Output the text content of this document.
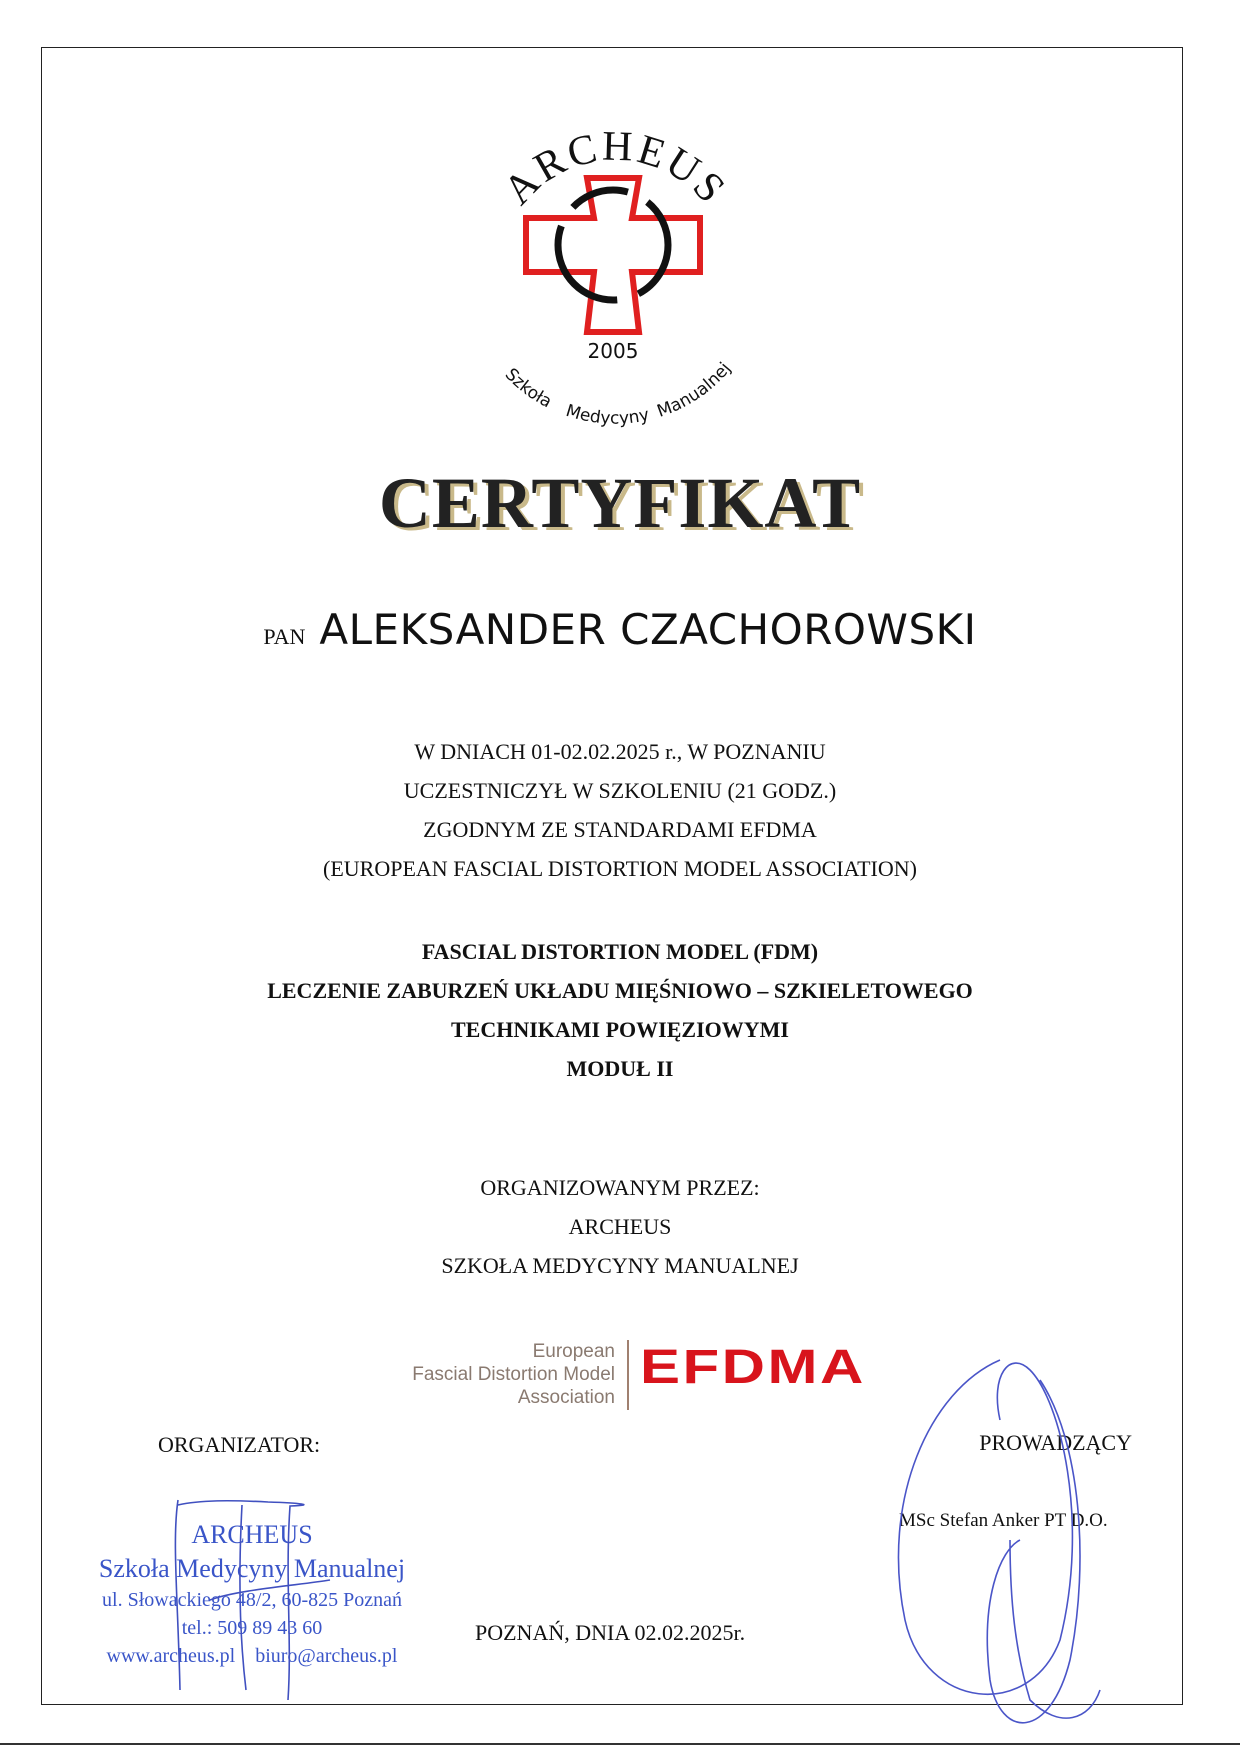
ARCHEUS
2005
Szkoła Medycyny Manualnej
CERTYFIKAT
PAN ALEKSANDER CZACHOROWSKI
W DNIACH 01-02.02.2025 r., W POZNANIU
UCZESTNICZYŁ W SZKOLENIU (21 GODZ.)
ZGODNYM ZE STANDARDAMI EFDMA
(EUROPEAN FASCIAL DISTORTION MODEL ASSOCIATION)
FASCIAL DISTORTION MODEL (FDM)
LECZENIE ZABURZEŃ UKŁADU MIĘŚNIOWO – SZKIELETOWEGO
TECHNIKAMI POWIĘZIOWYMI
MODUŁ II
ORGANIZOWANYM PRZEZ:
ARCHEUS
SZKOŁA MEDYCYNY MANUALNEJ
European
Fascial Distortion Model
Association
EFDMA
ORGANIZATOR:	PROWADZĄCY
MSc Stefan Anker PT D.O.
ARCHEUS
Szkoła Medycyny Manualnej
ul. Słowackiego 48/2, 60-825 Poznań
tel.: 509 89 43 60
www.archeus.pl    biuro@archeus.pl
POZNAŃ, DNIA 02.02.2025r.
